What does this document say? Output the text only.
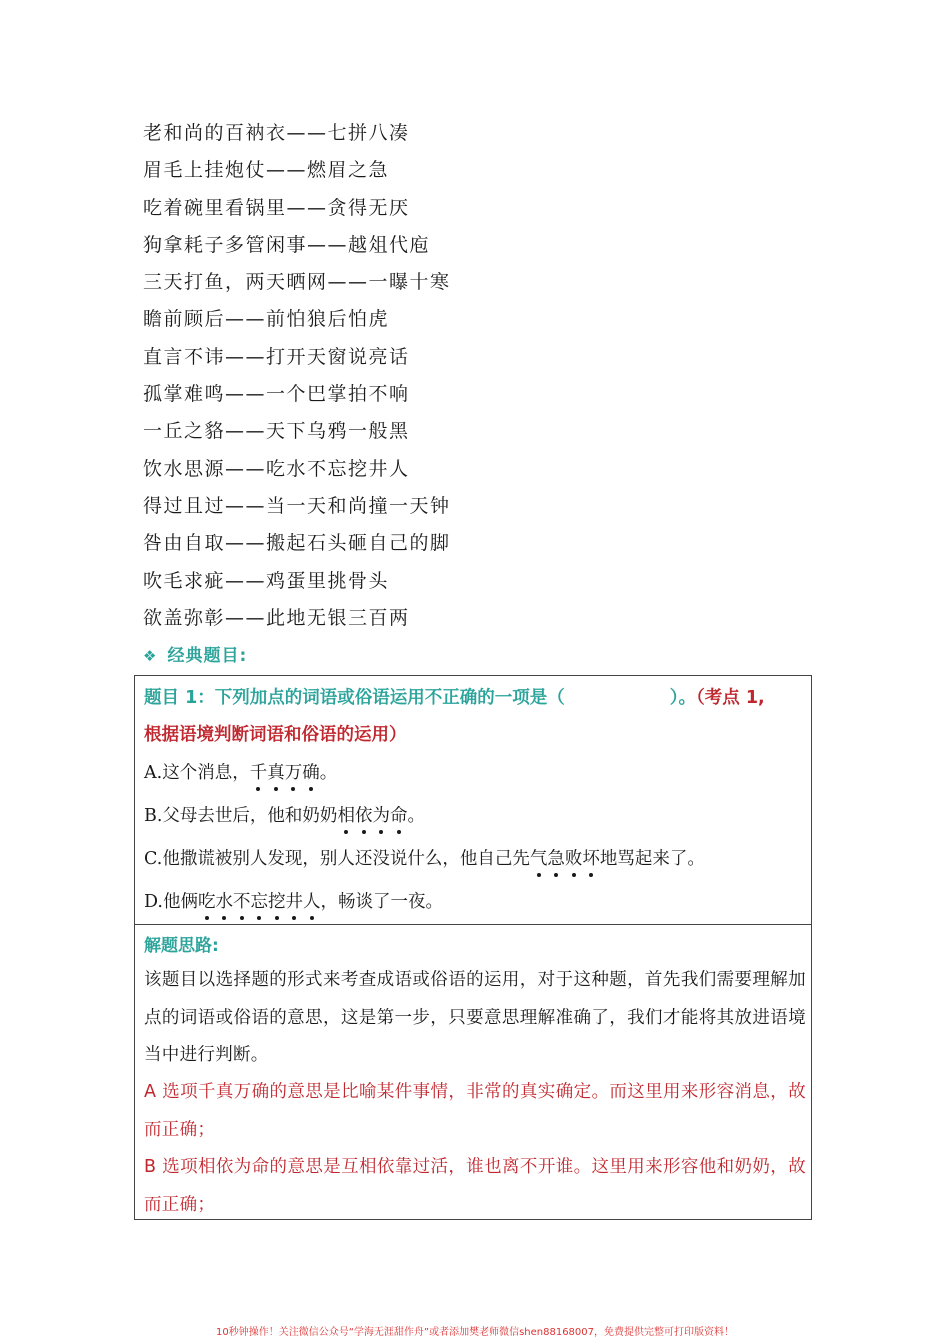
老和尚的百衲衣——七拼八凑
眉毛上挂炮仗——燃眉之急
吃着碗里看锅里——贪得无厌
狗拿耗子多管闲事——越俎代庖
三天打鱼，两天晒网——一曝十寒
瞻前顾后——前怕狼后怕虎
直言不讳——打开天窗说亮话
孤掌难鸣——一个巴掌拍不响
一丘之貉——天下乌鸦一般黑
饮水思源——吃水不忘挖井人
得过且过——当一天和尚撞一天钟
咎由自取——搬起石头砸自己的脚
吹毛求疵——鸡蛋里挑骨头
欲盖弥彰——此地无银三百两
❖ 经典题目:
题目 1：下列加点的词语或俗语运用不正确的一项是（　　　　　　）。（考点 1,
根据语境判断词语和俗语的运用）
A.这个消息，千真万确。
B.父母去世后，他和奶奶相依为命。
C.他撒谎被别人发现，别人还没说什么，他自己先气急败坏地骂起来了。
D.他俩吃水不忘挖井人，畅谈了一夜。
解题思路:
该题目以选择题的形式来考查成语或俗语的运用，对于这种题，首先我们需要理解加点的词语或俗语的意思，这是第一步，只要意思理解准确了，我们才能将其放进语境当中进行判断。
A 选项千真万确的意思是比喻某件事情，非常的真实确定。而这里用来形容消息，故而正确；
B 选项相依为命的意思是互相依靠过活，谁也离不开谁。这里用来形容他和奶奶，故而正确；
10秒钟操作！关注微信公众号“学海无涯甜作舟”或者添加樊老师微信shen88168007，免费提供完整可打印版资料！
